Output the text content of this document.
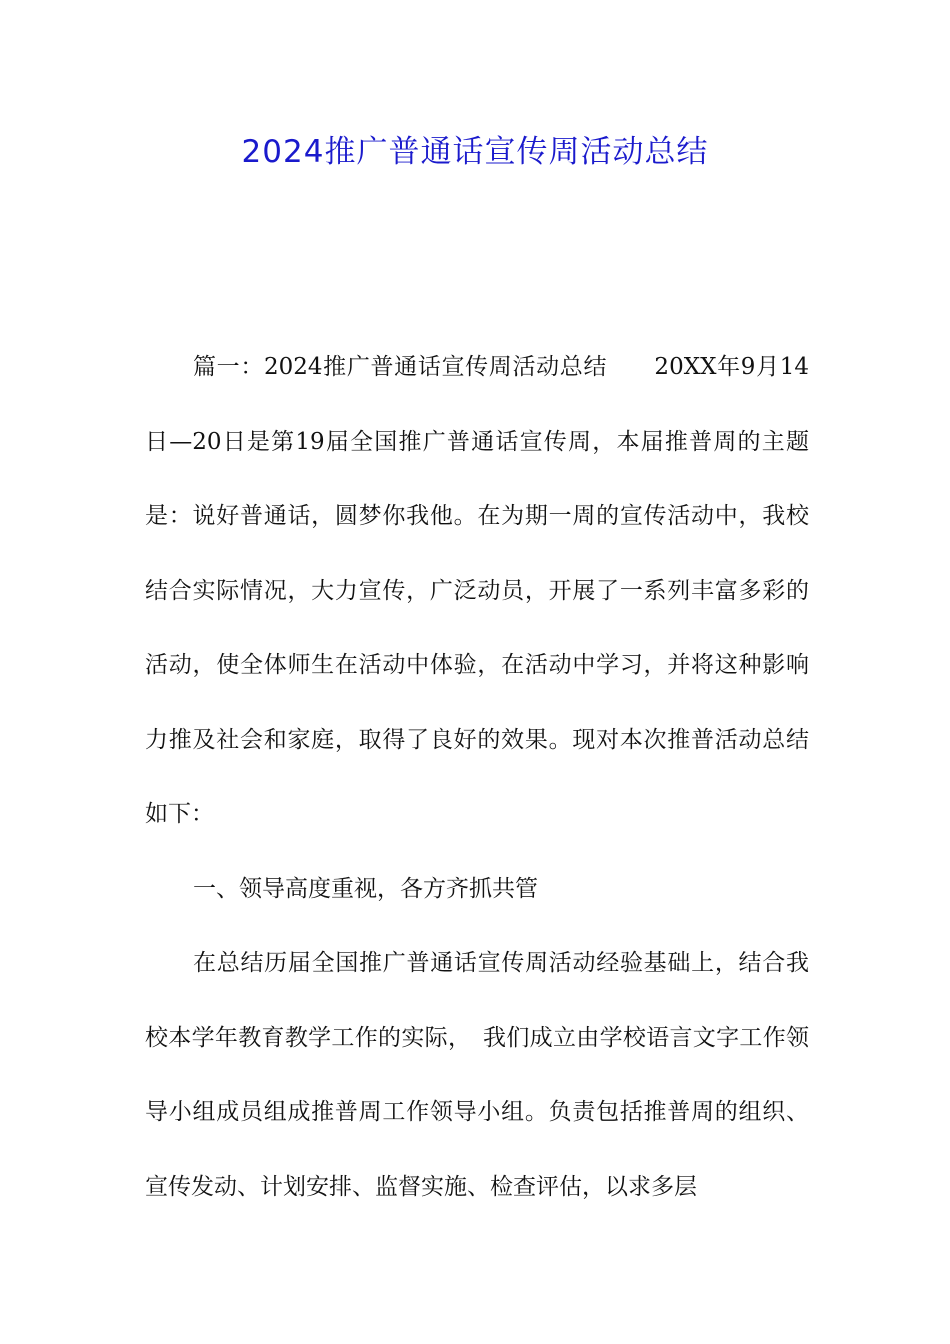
2024推广普通话宣传周活动总结

篇一：2024推广普通话宣传周活动总结　　20XX年9月14日—20日是第19届全国推广普通话宣传周，本届推普周的主题是：说好普通话，圆梦你我他。在为期一周的宣传活动中，我校结合实际情况，大力宣传，广泛动员，开展了一系列丰富多彩的活动，使全体师生在活动中体验，在活动中学习，并将这种影响力推及社会和家庭，取得了良好的效果。现对本次推普活动总结如下：

一、领导高度重视，各方齐抓共管

在总结历届全国推广普通话宣传周活动经验基础上，结合我校本学年教育教学工作的实际，　我们成立由学校语言文字工作领导小组成员组成推普周工作领导小组。负责包括推普周的组织、宣传发动、计划安排、监督实施、检查评估，以求多层
